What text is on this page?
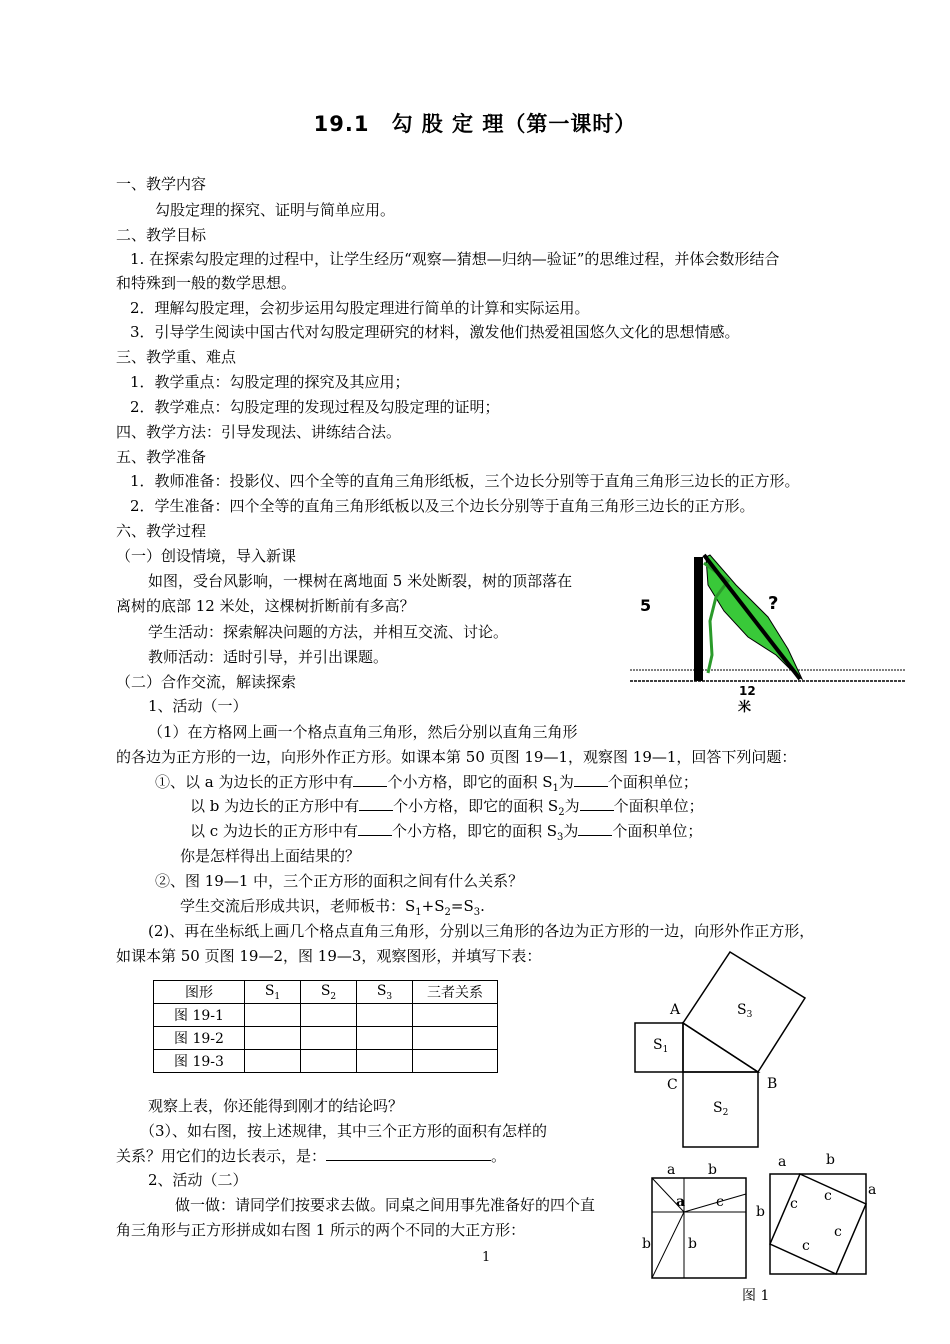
19.1　勾 股 定 理（第一课时）
一、教学内容
勾股定理的探究、证明与简单应用。
二、教学目标
1. 在探索勾股定理的过程中，让学生经历“观察—猜想—归纳—验证”的思维过程，并体会数形结合
和特殊到一般的数学思想。
2．理解勾股定理，会初步运用勾股定理进行简单的计算和实际运用。
3．引导学生阅读中国古代对勾股定理研究的材料，激发他们热爱祖国悠久文化的思想情感。
三、教学重、难点
1．教学重点：勾股定理的探究及其应用；
2．教学难点：勾股定理的发现过程及勾股定理的证明；
四、教学方法：引导发现法、讲练结合法。
五、教学准备
1．教师准备：投影仪、四个全等的直角三角形纸板，三个边长分别等于直角三角形三边长的正方形。
2．学生准备：四个全等的直角三角形纸板以及三个边长分别等于直角三角形三边长的正方形。
六、教学过程
（一）创设情境，导入新课
如图，受台风影响，一棵树在离地面 5 米处断裂，树的顶部落在
离树的底部 12 米处，这棵树折断前有多高？
学生活动：探索解决问题的方法，并相互交流、讨论。
教师活动：适时引导，并引出课题。
（二）合作交流，解读探索
1、活动（一）
（1）在方格网上画一个格点直角三角形，然后分别以直角三角形
的各边为正方形的一边，向形外作正方形。如课本第 50 页图 19—1，观察图 19—1，回答下列问题：
①、以 a 为边长的正方形中有 个小方格，即它的面积 $S_1$为 个面积单位；
以 b 为边长的正方形中有 个小方格，即它的面积 $S_2$为 个面积单位；
以 c 为边长的正方形中有 个小方格，即它的面积 $S_3$为 个面积单位；
你是怎样得出上面结果的？
②、图 19—1 中，三个正方形的面积之间有什么关系？
学生交流后形成共识，老师板书：$S_1+S_2=S_3$.
(2)、再在坐标纸上画几个格点直角三角形，分别以三角形的各边为正方形的一边，向形外作正方形，
如课本第 50 页图 19—2，图 19—3，观察图形，并填写下表：
图形	$S_1$	$S_2$	$S_3$	三者关系
图 19-1				
图 19-2				
图 19-3				
观察上表，你还能得到刚才的结论吗？
（3）、如右图，按上述规律，其中三个正方形的面积有怎样的
关系？用它们的边长表示，是：	。
2、活动（二）
做一做：请同学们按要求去做。同桌之间用事先准备好的四个直
角三角形与正方形拼成如右图 1 所示的两个不同的大正方形：
1
5	?
12
米
A
B
C
$S_1$
$S_2$
$S_3$
a b
a c
b	b
a	b
a
b c c
c
c
图 1
